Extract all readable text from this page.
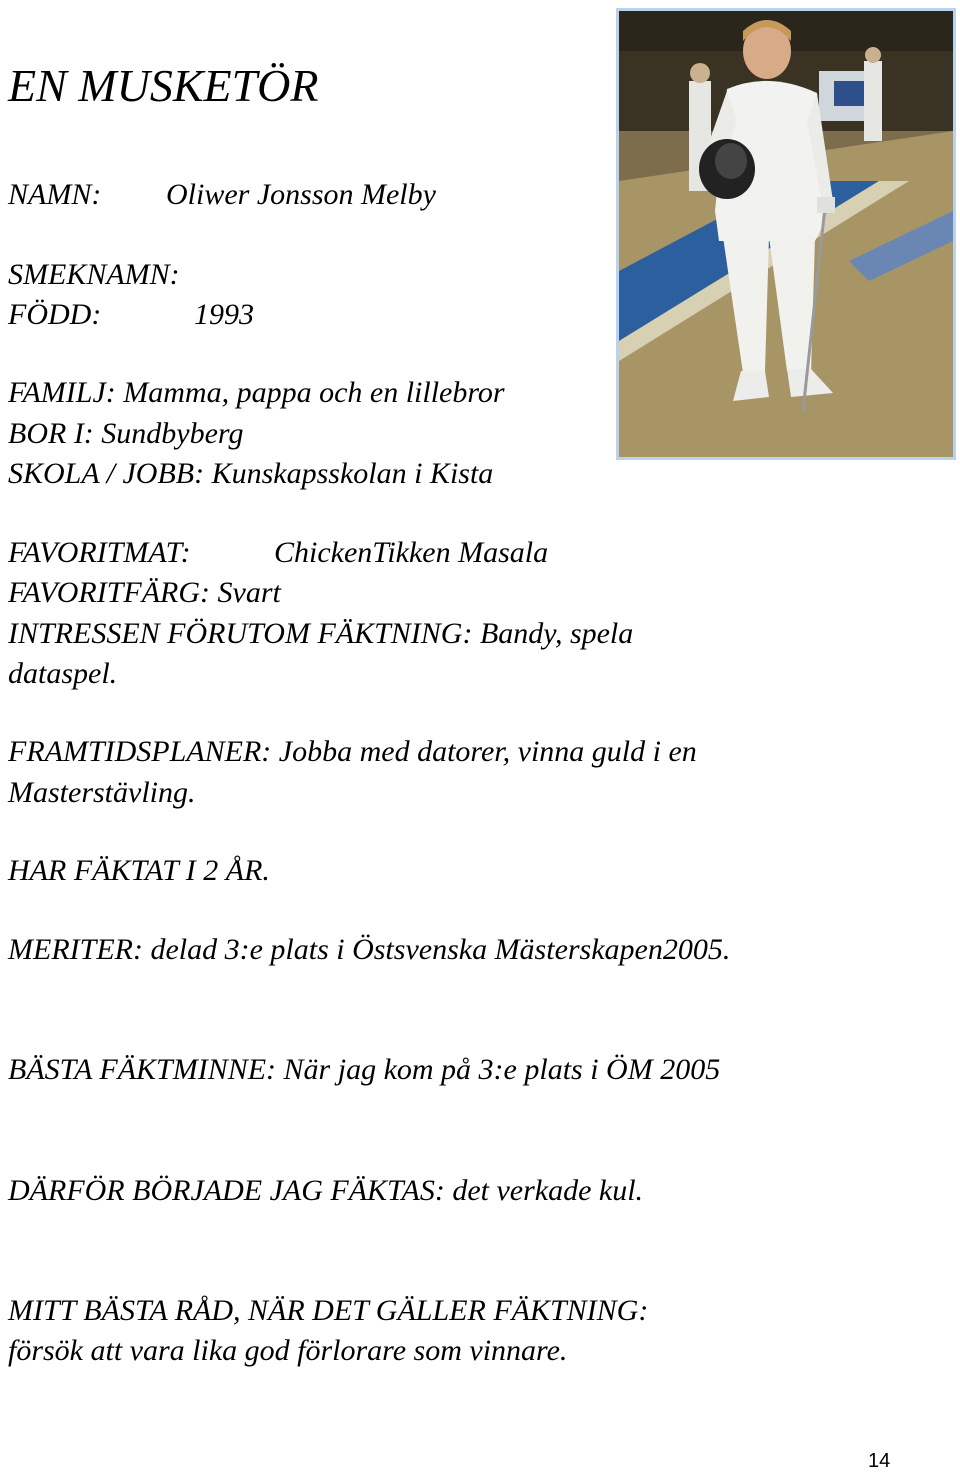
EN MUSKETÖR

NAMN: Oliwer Jonsson Melby

SMEKNAMN:

FÖDD:	1993

FAMILJ: Mamma, pappa och en lillebror

BOR I: Sundbyberg

SKOLA / JOBB: Kunskapsskolan i Kista

FAVORITMAT:	ChickenTikken Masala

FAVORITFÄRG: Svart

INTRESSEN FÖRUTOM FÄKTNING: Bandy, spela

dataspel.

FRAMTIDSPLANER: Jobba med datorer, vinna guld i en

Masterstävling.

HAR FÄKTAT I 2 ÅR.

MERITER: delad 3:e plats i Östsvenska Mästerskapen2005.

BÄSTA FÄKTMINNE: När jag kom på 3:e plats i ÖM 2005

DÄRFÖR BÖRJADE JAG FÄKTAS: det verkade kul.

MITT BÄSTA RÅD, NÄR DET GÄLLER FÄKTNING:

försök att vara lika god förlorare som vinnare.

14
